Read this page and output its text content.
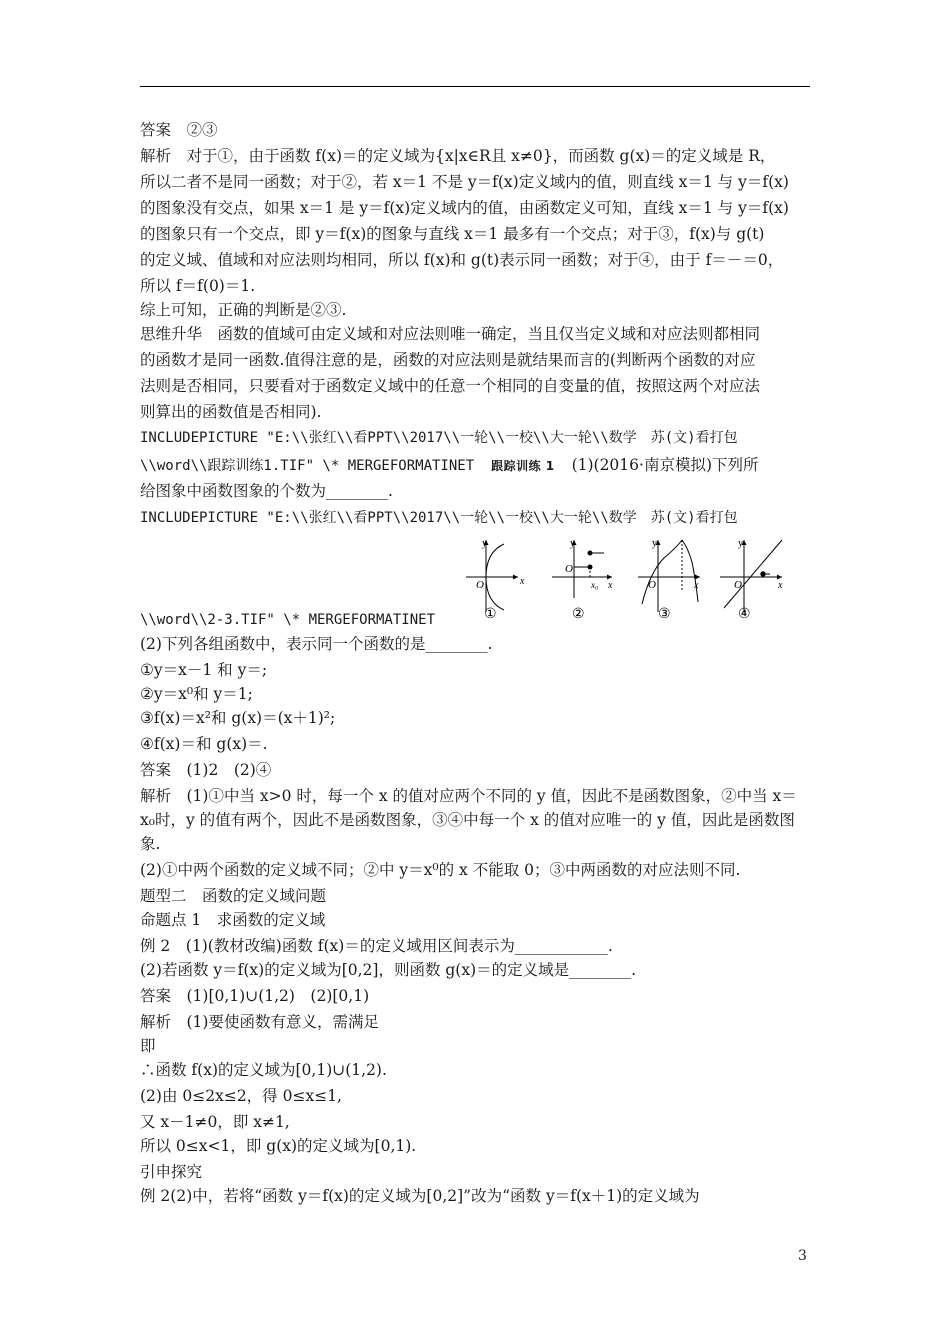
答案　②③
解析　对于①，由于函数 f(x)＝的定义域为{x|x∈R且 x≠0}，而函数 g(x)＝的定义域是 R，
所以二者不是同一函数；对于②，若 x＝1 不是 y＝f(x)定义域内的值，则直线 x＝1 与 y＝f(x)
的图象没有交点，如果 x＝1 是 y＝f(x)定义域内的值，由函数定义可知，直线 x＝1 与 y＝f(x)
的图象只有一个交点，即 y＝f(x)的图象与直线 x＝1 最多有一个交点；对于③，f(x)与 g(t)
的定义域、值域和对应法则均相同，所以 f(x)和 g(t)表示同一函数；对于④，由于 f＝－＝0，
所以 f＝f(0)＝1.
综上可知，正确的判断是②③.
思维升华　函数的值域可由定义域和对应法则唯一确定，当且仅当定义域和对应法则都相同
的函数才是同一函数.值得注意的是，函数的对应法则是就结果而言的(判断两个函数的对应
法则是否相同，只要看对于函数定义域中的任意一个相同的自变量的值，按照这两个对应法
则算出的函数值是否相同).
INCLUDEPICTURE "E:\\张红\\看PPT\\2017\\一轮\\一校\\大一轮\\数学　苏(文)看打包
\\word\\跟踪训练1.TIF" \* MERGEFORMATINET 跟踪训练 1 (1)(2016·南京模拟)下列所
给图象中函数图象的个数为________.
INCLUDEPICTURE "E:\\张红\\看PPT\\2017\\一轮\\一校\\大一轮\\数学　苏(文)看打包
y
x
O
①
y
x
O
x₀
②
y
x
O
③
y
x
O
④
\\word\\2-3.TIF" \* MERGEFORMATINET
(2)下列各组函数中，表示同一个函数的是________.
①y＝x－1 和 y＝;
②y＝x⁰和 y＝1;
③f(x)＝x²和 g(x)＝(x＋1)²;
④f(x)＝和 g(x)＝.
答案　(1)2　(2)④
解析　(1)①中当 x>0 时，每一个 x 的值对应两个不同的 y 值，因此不是函数图象，②中当 x＝
x₀时，y 的值有两个，因此不是函数图象，③④中每一个 x 的值对应唯一的 y 值，因此是函数图
象.
(2)①中两个函数的定义域不同；②中 y＝x⁰的 x 不能取 0；③中两函数的对应法则不同.
题型二　函数的定义域问题
命题点 1　求函数的定义域
例 2　(1)(教材改编)函数 f(x)＝的定义域用区间表示为____________.
(2)若函数 y＝f(x)的定义域为[0,2]，则函数 g(x)＝的定义域是________.
答案　(1)[0,1)∪(1,2)　(2)[0,1)
解析　(1)要使函数有意义，需满足
即
∴函数 f(x)的定义域为[0,1)∪(1,2).
(2)由 0≤2x≤2，得 0≤x≤1,
又 x－1≠0，即 x≠1,
所以 0≤x<1，即 g(x)的定义域为[0,1).
引申探究
例 2(2)中，若将“函数 y＝f(x)的定义域为[0,2]”改为“函数 y＝f(x＋1)的定义域为
3
